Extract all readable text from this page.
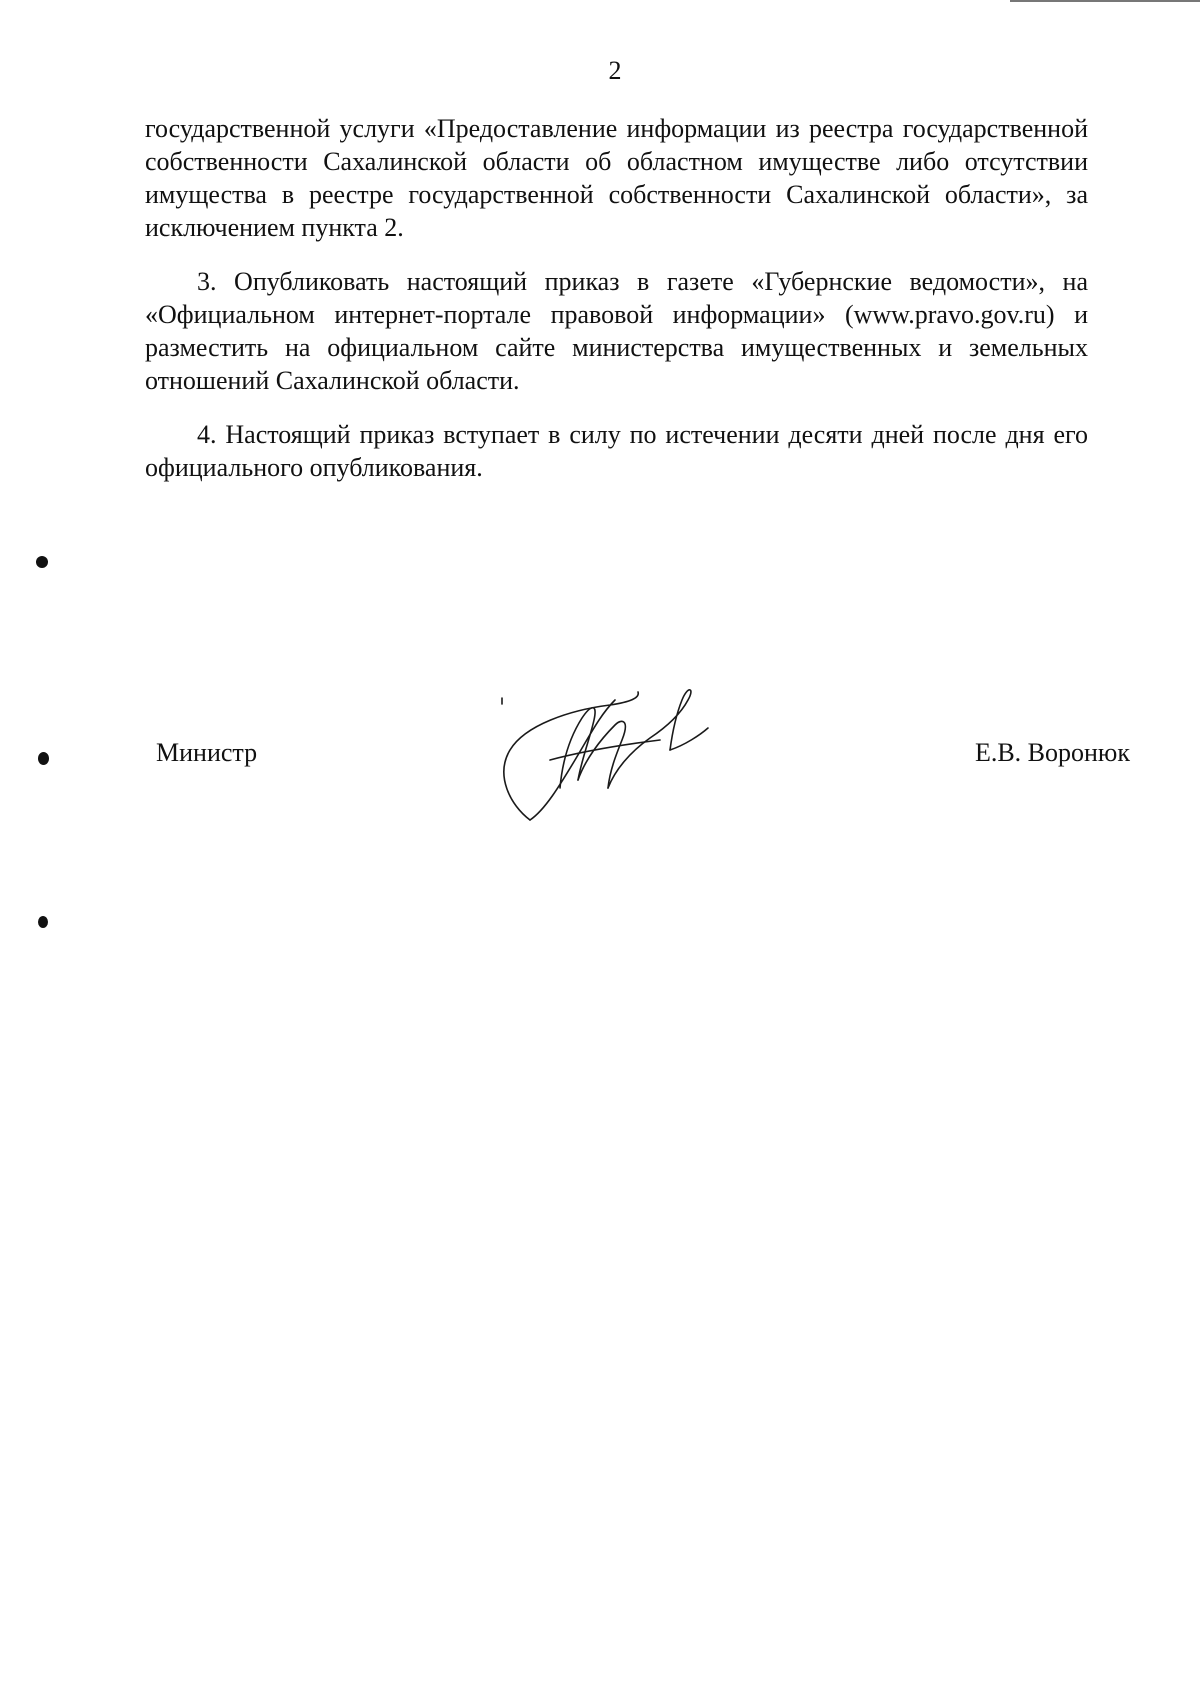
2

государственной услуги «Предоставление информации из реестра государственной собственности Сахалинской области об областном имуществе либо отсутствии имущества в реестре государственной собственности Сахалинской области», за исключением пункта 2.

3. Опубликовать настоящий приказ в газете «Губернские ведомости», на «Официальном интернет-портале правовой информации» (www.pravo.gov.ru) и разместить на официальном сайте министерства имущественных и земельных отношений Сахалинской области.

4. Настоящий приказ вступает в силу по истечении десяти дней после дня его официального опубликования.

Министр	Е.В. Воронюк
